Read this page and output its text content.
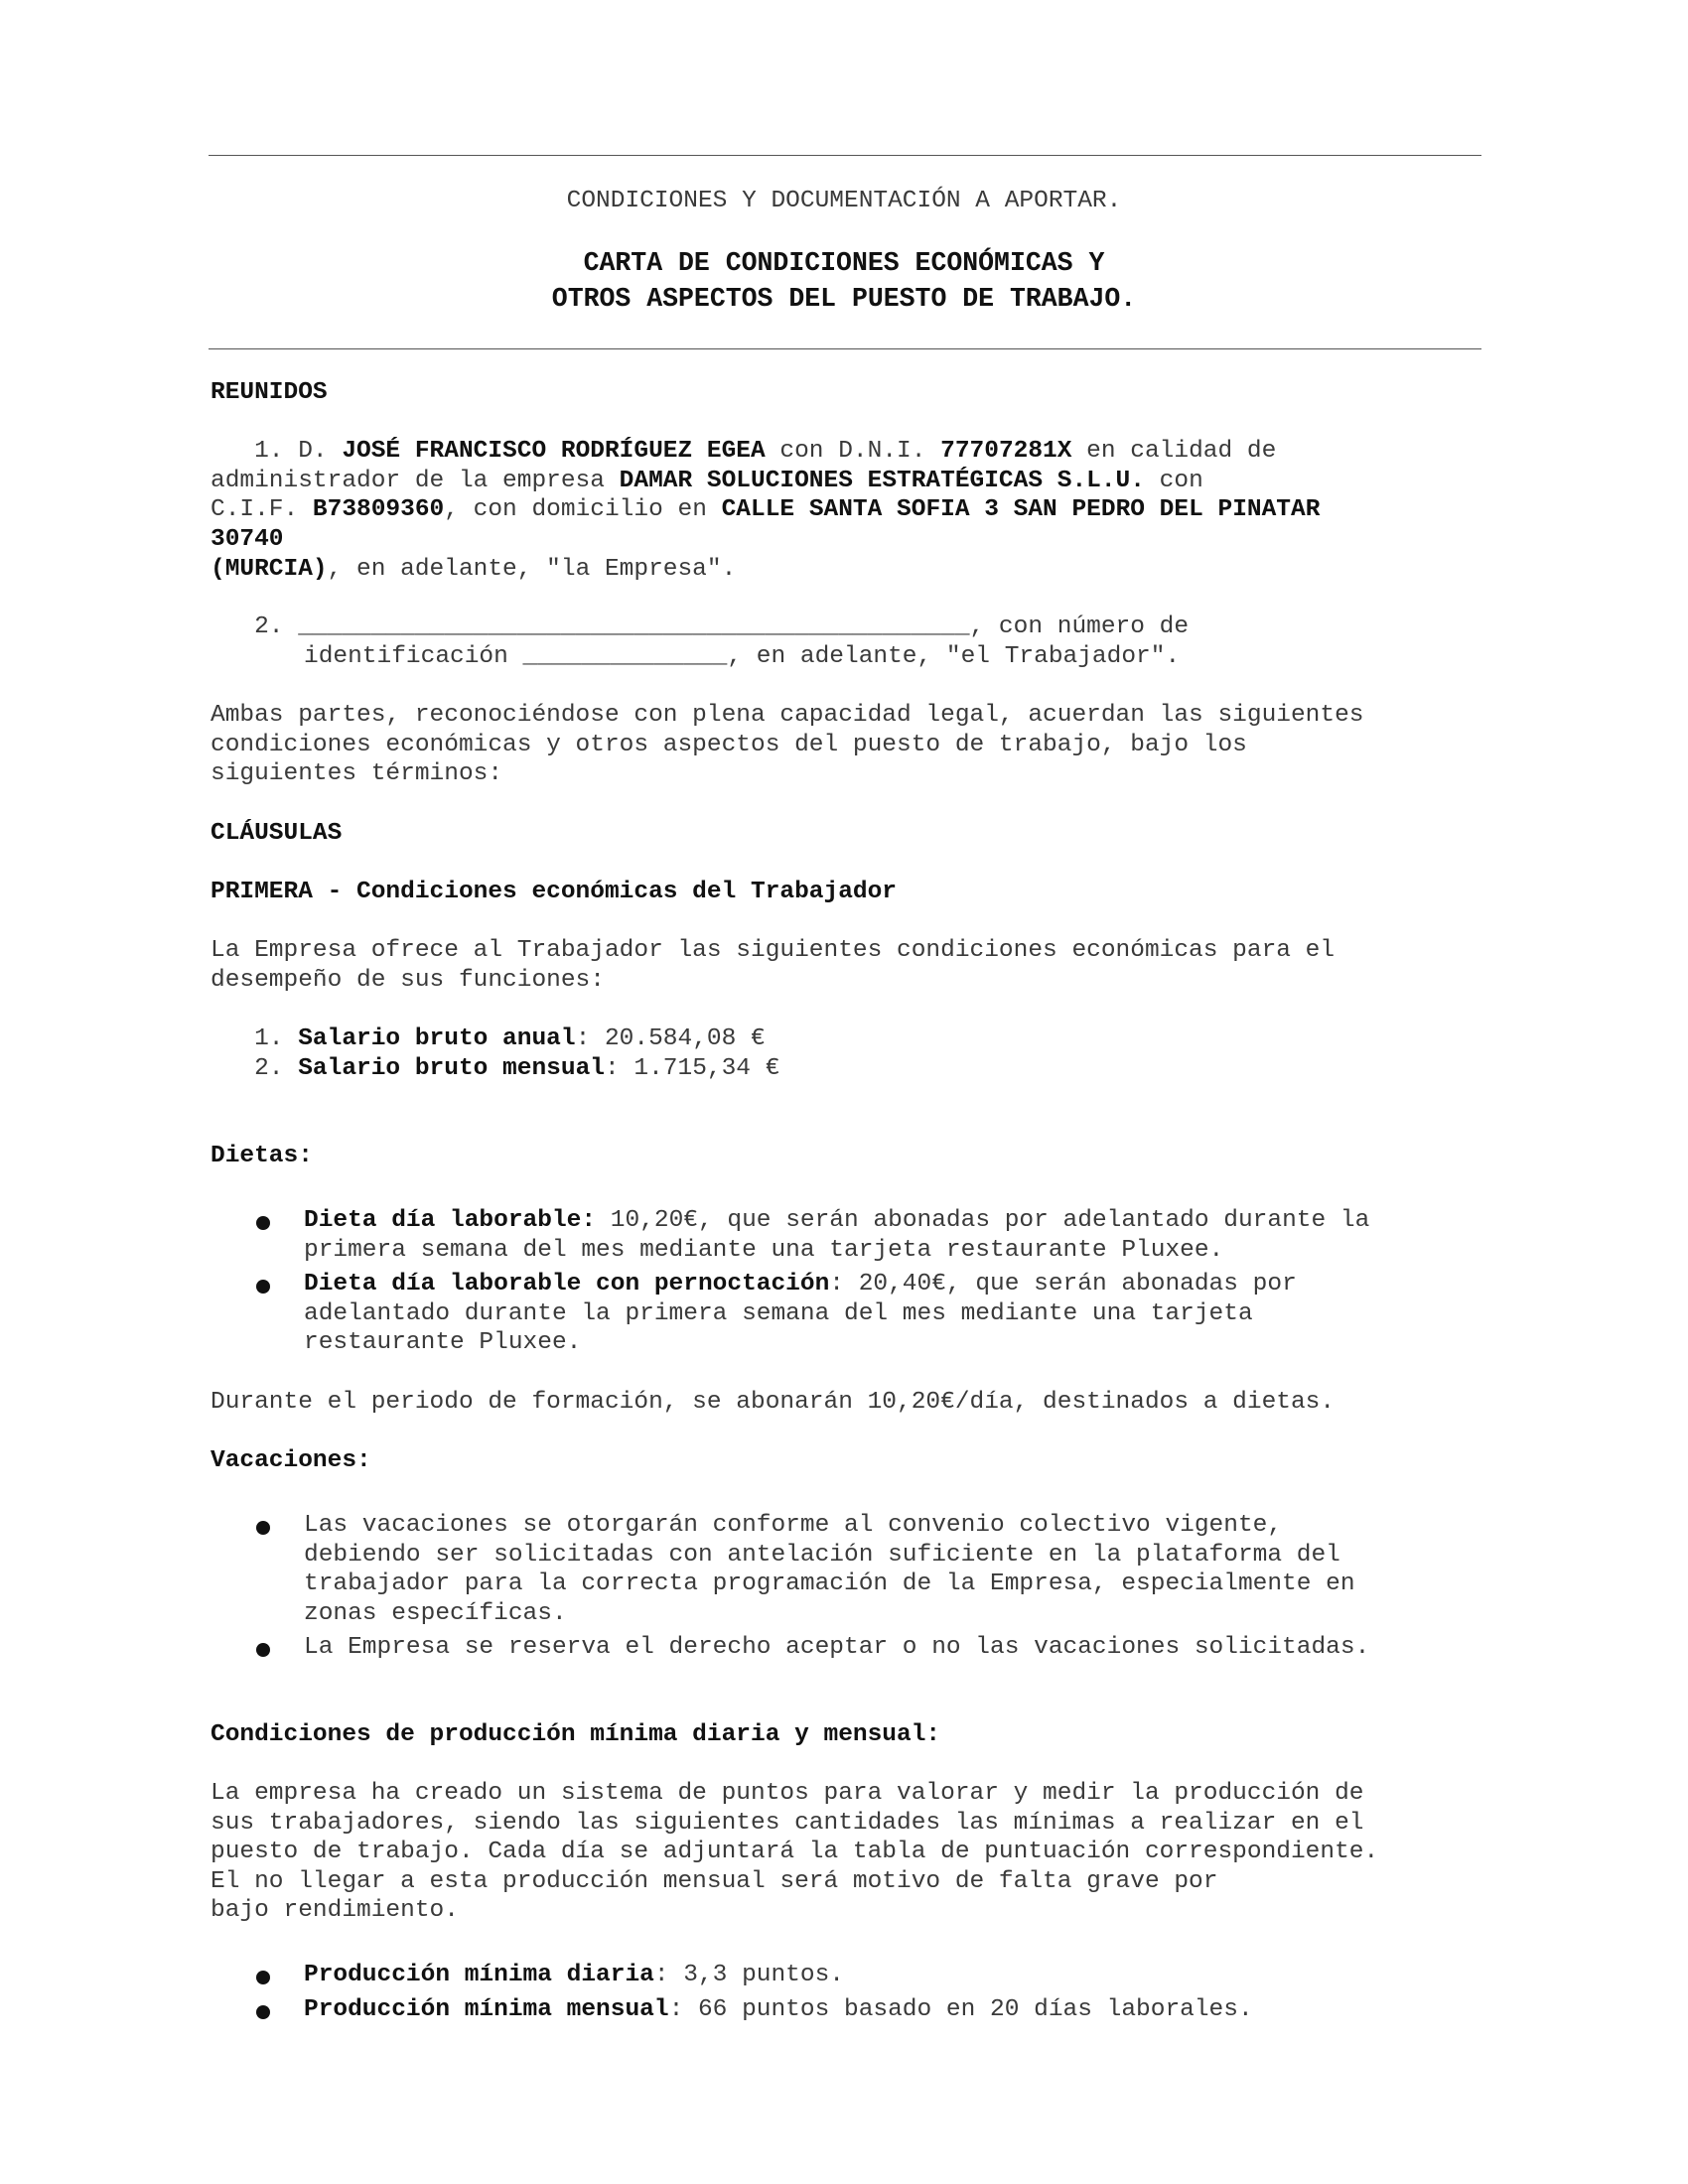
CONDICIONES Y DOCUMENTACIÓN A APORTAR.
CARTA DE CONDICIONES ECONÓMICAS Y
OTROS ASPECTOS DEL PUESTO DE TRABAJO.
REUNIDOS
1. D. JOSÉ FRANCISCO RODRÍGUEZ EGEA con D.N.I. 77707281X en calidad de
administrador de la empresa DAMAR SOLUCIONES ESTRATÉGICAS S.L.U. con
C.I.F. B73809360, con domicilio en CALLE SANTA SOFIA 3 SAN PEDRO DEL PINATAR
30740
(MURCIA), en adelante, "la Empresa".
2. ______________________________________________, con número de
identificación ______________, en adelante, "el Trabajador".
Ambas partes, reconociéndose con plena capacidad legal, acuerdan las siguientes
condiciones económicas y otros aspectos del puesto de trabajo, bajo los
siguientes términos:
CLÁUSULAS
PRIMERA - Condiciones económicas del Trabajador
La Empresa ofrece al Trabajador las siguientes condiciones económicas para el
desempeño de sus funciones:
1. Salario bruto anual: 20.584,08 €
2. Salario bruto mensual: 1.715,34 €
Dietas:
Dieta día laborable: 10,20€, que serán abonadas por adelantado durante la
primera semana del mes mediante una tarjeta restaurante Pluxee.
Dieta día laborable con pernoctación: 20,40€, que serán abonadas por
adelantado durante la primera semana del mes mediante una tarjeta
restaurante Pluxee.
Durante el periodo de formación, se abonarán 10,20€/día, destinados a dietas.
Vacaciones:
Las vacaciones se otorgarán conforme al convenio colectivo vigente,
debiendo ser solicitadas con antelación suficiente en la plataforma del
trabajador para la correcta programación de la Empresa, especialmente en
zonas específicas.
La Empresa se reserva el derecho aceptar o no las vacaciones solicitadas.
Condiciones de producción mínima diaria y mensual:
La empresa ha creado un sistema de puntos para valorar y medir la producción de
sus trabajadores, siendo las siguientes cantidades las mínimas a realizar en el
puesto de trabajo. Cada día se adjuntará la tabla de puntuación correspondiente.
El no llegar a esta producción mensual será motivo de falta grave por
bajo rendimiento.
Producción mínima diaria: 3,3 puntos.
Producción mínima mensual: 66 puntos basado en 20 días laborales.
